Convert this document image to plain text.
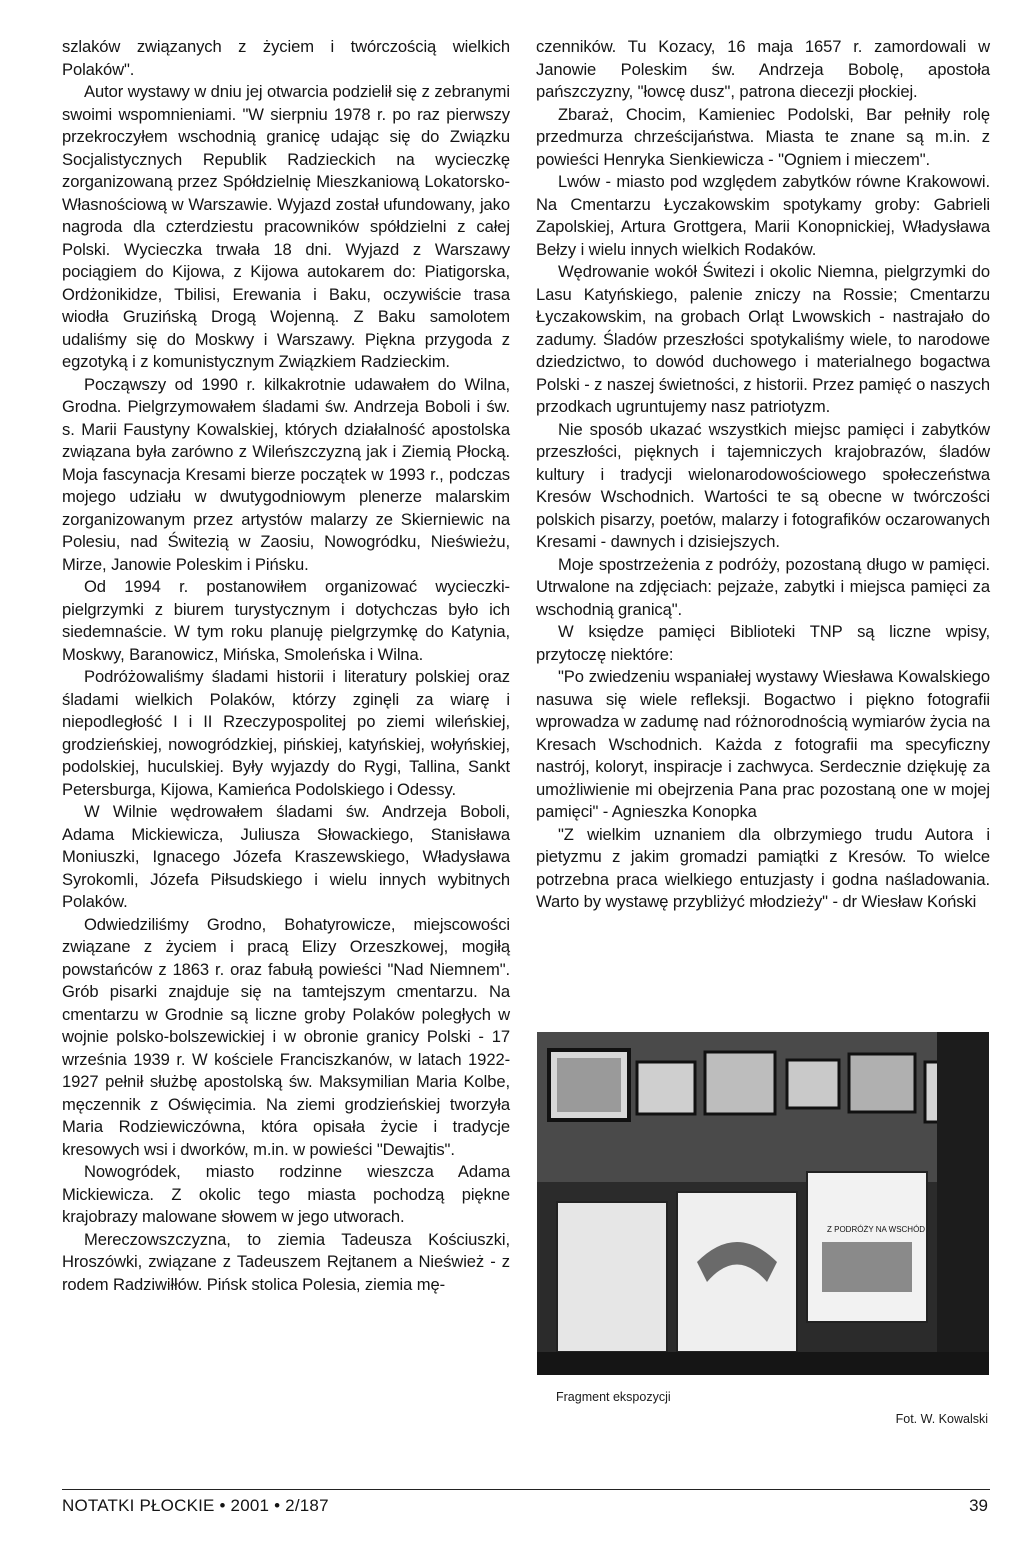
szlaków związanych z życiem i twórczością wielkich Polaków".

Autor wystawy w dniu jej otwarcia podzielił się z zebranymi swoimi wspomnieniami. "W sierpniu 1978 r. po raz pierwszy przekroczyłem wschodnią granicę udając się do Związku Socjalistycznych Republik Radzieckich na wycieczkę zorganizowaną przez Spółdzielnię Mieszkaniową Lokatorsko-Własnościową w Warszawie. Wyjazd został ufundowany, jako nagroda dla czterdziestu pracowników spółdzielni z całej Polski. Wycieczka trwała 18 dni. Wyjazd z Warszawy pociągiem do Kijowa, z Kijowa autokarem do: Piatigorska, Ordżonikidze, Tbilisi, Erewania i Baku, oczywiście trasa wiodła Gruzińską Drogą Wojenną. Z Baku samolotem udaliśmy się do Moskwy i Warszawy. Piękna przygoda z egzotyką i z komunistycznym Związkiem Radzieckim.

Począwszy od 1990 r. kilkakrotnie udawałem do Wilna, Grodna. Pielgrzymowałem śladami św. Andrzeja Boboli i św. s. Marii Faustyny Kowalskiej, których działalność apostolska związana była zarówno z Wileńszczyzną jak i Ziemią Płocką. Moja fascynacja Kresami bierze początek w 1993 r., podczas mojego udziału w dwutygodniowym plenerze malarskim zorganizowanym przez artystów malarzy ze Skierniewic na Polesiu, nad Świtezią w Zaosiu, Nowogródku, Nieświeżu, Mirze, Janowie Poleskim i Pińsku.

Od 1994 r. postanowiłem organizować wycieczki-pielgrzymki z biurem turystycznym i dotychczas było ich siedemnaście. W tym roku planuję pielgrzymkę do Katynia, Moskwy, Baranowicz, Mińska, Smoleńska i Wilna.

Podróżowaliśmy śladami historii i literatury polskiej oraz śladami wielkich Polaków, którzy zginęli za wiarę i niepodległość I i II Rzeczypospolitej po ziemi wileńskiej, grodzieńskiej, nowogródzkiej, pińskiej, katyńskiej, wołyńskiej, podolskiej, huculskiej. Były wyjazdy do Rygi, Tallina, Sankt Petersburga, Kijowa, Kamieńca Podolskiego i Odessy.

W Wilnie wędrowałem śladami św. Andrzeja Boboli, Adama Mickiewicza, Juliusza Słowackiego, Stanisława Moniuszki, Ignacego Józefa Kraszewskiego, Władysława Syrokomli, Józefa Piłsudskiego i wielu innych wybitnych Polaków.

Odwiedziliśmy Grodno, Bohatyrowicze, miejscowości związane z życiem i pracą Elizy Orzeszkowej, mogiłą powstańców z 1863 r. oraz fabułą powieści "Nad Niemnem". Grób pisarki znajduje się na tamtejszym cmentarzu. Na cmentarzu w Grodnie są liczne groby Polaków poległych w wojnie polsko-bolszewickiej i w obronie granicy Polski - 17 września 1939 r. W kościele Franciszkanów, w latach 1922-1927 pełnił służbę apostolską św. Maksymilian Maria Kolbe, męczennik z Oświęcimia. Na ziemi grodzieńskiej tworzyła Maria Rodziewiczówna, która opisała życie i tradycje kresowych wsi i dworków, m.in. w powieści "Dewajtis".

Nowogródek, miasto rodzinne wieszcza Adama Mickiewicza. Z okolic tego miasta pochodzą piękne krajobrazy malowane słowem w jego utworach.

Mereczowszczyzna, to ziemia Tadeusza Kościuszki, Hroszówki, związane z Tadeuszem Rejtanem a Nieśwież - z rodem Radziwiłłów. Pińsk stolica Polesia, ziemia mę-

czenników. Tu Kozacy, 16 maja 1657 r. zamordowali w Janowie Poleskim św. Andrzeja Bobolę, apostoła pańszczyzny, "łowcę dusz", patrona diecezji płockiej.

Zbaraż, Chocim, Kamieniec Podolski, Bar pełniły rolę przedmurza chrześcijaństwa. Miasta te znane są m.in. z powieści Henryka Sienkiewicza - "Ogniem i mieczem".

Lwów - miasto pod względem zabytków równe Krakowowi. Na Cmentarzu Łyczakowskim spotykamy groby: Gabrieli Zapolskiej, Artura Grottgera, Marii Konopnickiej, Władysława Bełzy i wielu innych wielkich Rodaków.

Wędrowanie wokół Świtezi i okolic Niemna, pielgrzymki do Lasu Katyńskiego, palenie zniczy na Rossie; Cmentarzu Łyczakowskim, na grobach Orląt Lwowskich - nastrajało do zadumy. Śladów przeszłości spotykaliśmy wiele, to narodowe dziedzictwo, to dowód duchowego i materialnego bogactwa Polski - z naszej świetności, z historii. Przez pamięć o naszych przodkach ugruntujemy nasz patriotyzm.

Nie sposób ukazać wszystkich miejsc pamięci i zabytków przeszłości, pięknych i tajemniczych krajobrazów, śladów kultury i tradycji wielonarodowościowego społeczeństwa Kresów Wschodnich. Wartości te są obecne w twórczości polskich pisarzy, poetów, malarzy i fotografików oczarowanych Kresami - dawnych i dzisiejszych.

Moje spostrzeżenia z podróży, pozostaną długo w pamięci. Utrwalone na zdjęciach: pejzaże, zabytki i miejsca pamięci za wschodnią granicą".

W księdze pamięci Biblioteki TNP są liczne wpisy, przytoczę niektóre:

"Po zwiedzeniu wspaniałej wystawy Wiesława Kowalskiego nasuwa się wiele refleksji. Bogactwo i piękno fotografii wprowadza w zadumę nad różnorodnością wymiarów życia na Kresach Wschodnich. Każda z fotografii ma specyficzny nastrój, koloryt, inspiracje i zachwyca. Serdecznie dziękuję za umożliwienie mi obejrzenia Pana prac pozostaną one w mojej pamięci" - Agnieszka Konopka

"Z wielkim uznaniem dla olbrzymiego trudu Autora i pietyzmu z jakim gromadzi pamiątki z Kresów. To wielce potrzebna praca wielkiego entuzjasty i godna naśladowania. Warto by wystawę przybliżyć młodzieży" - dr Wiesław Koński

Z PODRÓŻY NA WSCHÓD
Fragment ekspozycji
Fot. W. Kowalski
NOTATKI PŁOCKIE • 2001 • 2/187	39
